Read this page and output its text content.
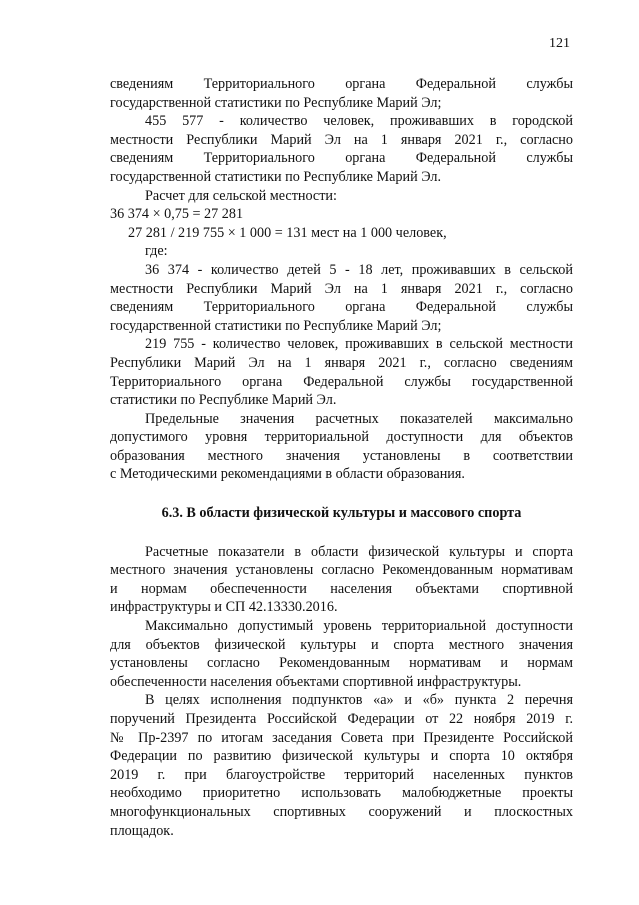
121

сведениям Территориального органа Федеральной службы

государственной статистики по Республике Марий Эл;

455 577 - количество человек, проживавших в городской

местности Республики Марий Эл на 1 января 2021 г., согласно

сведениям Территориального органа Федеральной службы

государственной статистики по Республике Марий Эл.

Расчет для сельской местности:

36 374 × 0,75 = 27 281

27 281 / 219 755 × 1 000 = 131 мест на 1 000 человек,

где:

36 374 - количество детей 5 - 18 лет, проживавших в сельской

местности Республики Марий Эл на 1 января 2021 г., согласно

сведениям Территориального органа Федеральной службы

государственной статистики по Республике Марий Эл;

219 755 - количество человек, проживавших в сельской местности

Республики Марий Эл на 1 января 2021 г., согласно сведениям

Территориального органа Федеральной службы государственной

статистики по Республике Марий Эл.

Предельные значения расчетных показателей максимально

допустимого уровня территориальной доступности для объектов

образования местного значения установлены в соответствии

с Методическими рекомендациями в области образования.

6.3. В области физической культуры и массового спорта

Расчетные показатели в области физической культуры и спорта

местного значения установлены согласно Рекомендованным нормативам

и нормам обеспеченности населения объектами спортивной

инфраструктуры и СП 42.13330.2016.

Максимально допустимый уровень территориальной доступности

для объектов физической культуры и спорта местного значения

установлены согласно Рекомендованным нормативам и нормам

обеспеченности населения объектами спортивной инфраструктуры.

В целях исполнения подпунктов «а» и «б» пункта 2 перечня

поручений Президента Российской Федерации от 22 ноября 2019 г.

№ Пр-2397 по итогам заседания Совета при Президенте Российской

Федерации по развитию физической культуры и спорта 10 октября

2019 г. при благоустройстве территорий населенных пунктов

необходимо приоритетно использовать малобюджетные проекты

многофункциональных спортивных сооружений и плоскостных

площадок.
